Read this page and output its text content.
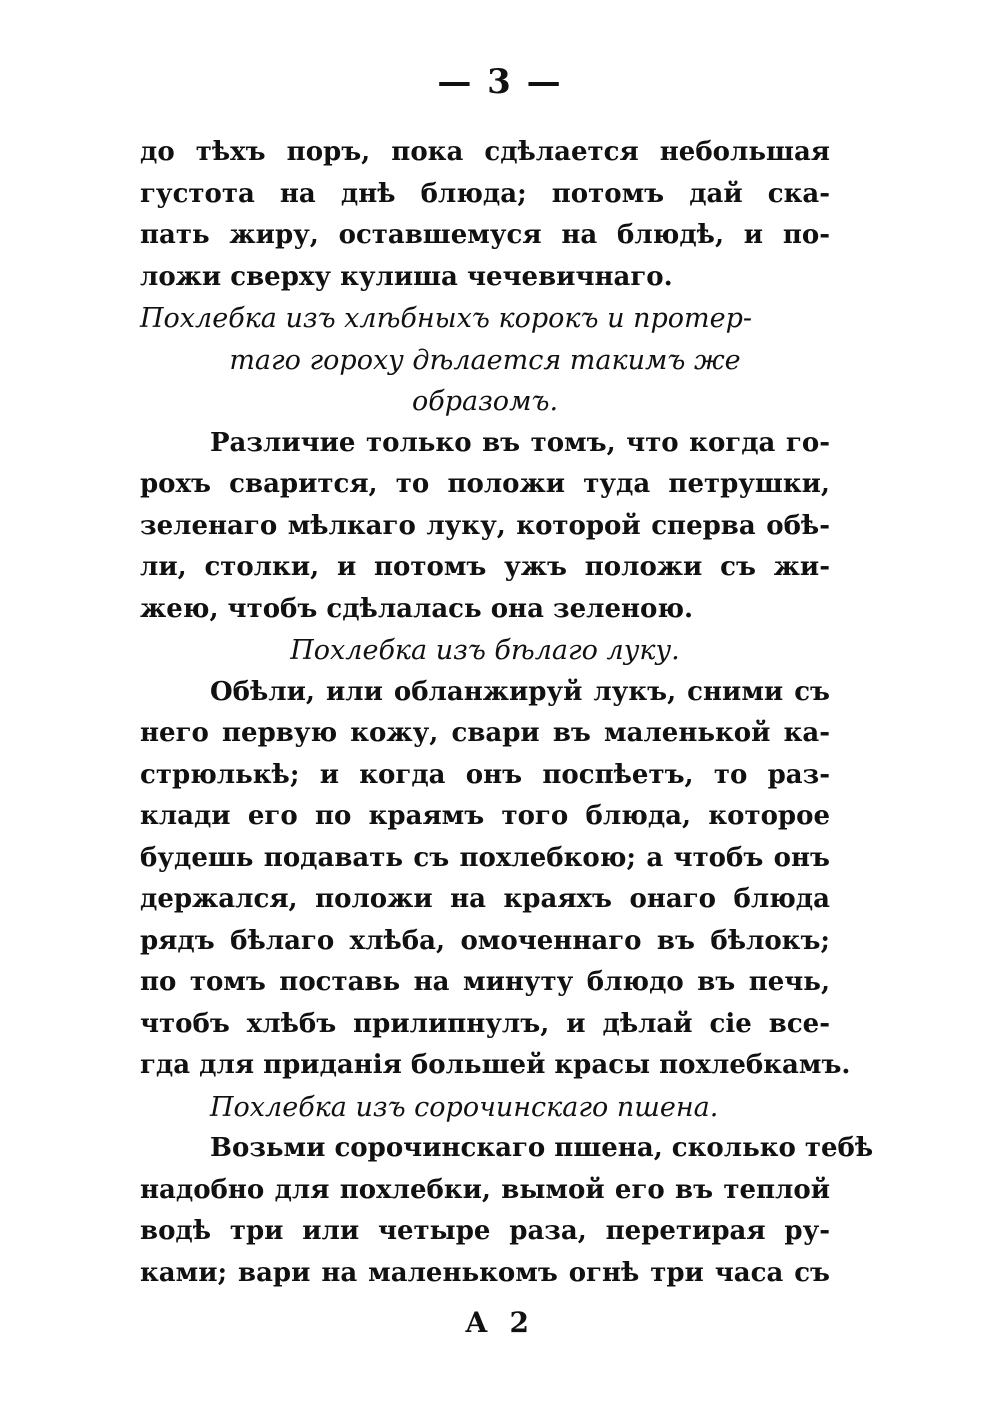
— 3 —
до тѣхъ поръ, пока сдѣлается небольшая
густота на днѣ блюда; потомъ дай ска-
пать жиру, оставшемуся на блюдѣ, и по-
ложи сверху кулиша чечевичнаго.
Похлебка изъ хлѣбныхъ корокъ и протер-
таго гороху дѣлается такимъ же
образомъ.
Различие только въ томъ, что когда го-
рохъ сварится, то положи туда петрушки,
зеленаго мѣлкаго луку, которой сперва обѣ-
ли, столки, и потомъ ужъ положи съ жи-
жею, чтобъ сдѣлалась она зеленою.
Похлебка изъ бѣлаго луку.
Обѣли, или обланжируй лукъ, сними съ
него первую кожу, свари въ маленькой ка-
стрюлькѣ; и когда онъ поспѣетъ, то раз-
клади его по краямъ того блюда, которое
будешь подавать съ похлебкою; а чтобъ онъ
держался, положи на краяхъ онаго блюда
рядъ бѣлаго хлѣба, омоченнаго въ бѣлокъ;
по томъ поставь на минуту блюдо въ печь,
чтобъ хлѣбъ прилипнулъ, и дѣлай сіе все-
гда для приданія большей красы похлебкамъ.
Похлебка изъ сорочинскаго пшена.
Возьми сорочинскаго пшена, сколько тебѣ
надобно для похлебки, вымой его въ теплой
водѣ три или четыре раза, перетирая ру-
ками; вари на маленькомъ огнѣ три часа съ
А 2
